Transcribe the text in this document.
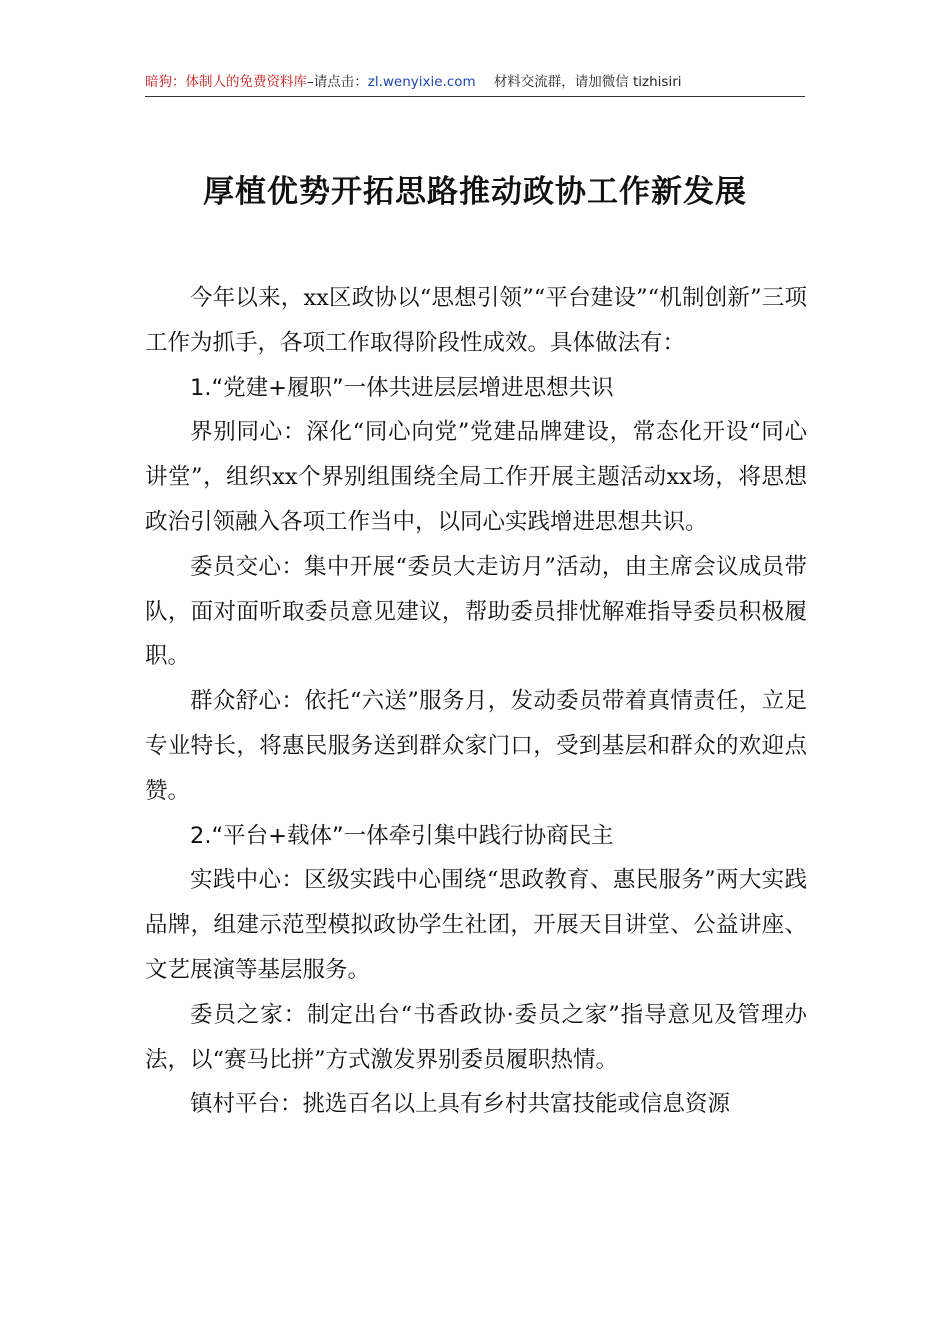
暗狗：体制人的免费资料库–请点击：zl.wenyixie.com 材料交流群，请加微信 tizhisiri
厚植优势开拓思路推动政协工作新发展

今年以来，xx区政协以“思想引领”“平台建设”“机制创新”三项工作为抓手，各项工作取得阶段性成效。具体做法有：

1.“党建+履职”一体共进层层增进思想共识

界别同心：深化“同心向党”党建品牌建设，常态化开设“同心讲堂”，组织xx个界别组围绕全局工作开展主题活动xx场，将思想政治引领融入各项工作当中，以同心实践增进思想共识。

委员交心：集中开展“委员大走访月”活动，由主席会议成员带队，面对面听取委员意见建议，帮助委员排忧解难指导委员积极履职。

群众舒心：依托“六送”服务月，发动委员带着真情责任，立足专业特长，将惠民服务送到群众家门口，受到基层和群众的欢迎点赞。

2.“平台+载体”一体牵引集中践行协商民主

实践中心：区级实践中心围绕“思政教育、惠民服务”两大实践品牌，组建示范型模拟政协学生社团，开展天目讲堂、公益讲座、文艺展演等基层服务。

委员之家：制定出台“书香政协·委员之家”指导意见及管理办法，以“赛马比拼”方式激发界别委员履职热情。

镇村平台：挑选百名以上具有乡村共富技能或信息资源
